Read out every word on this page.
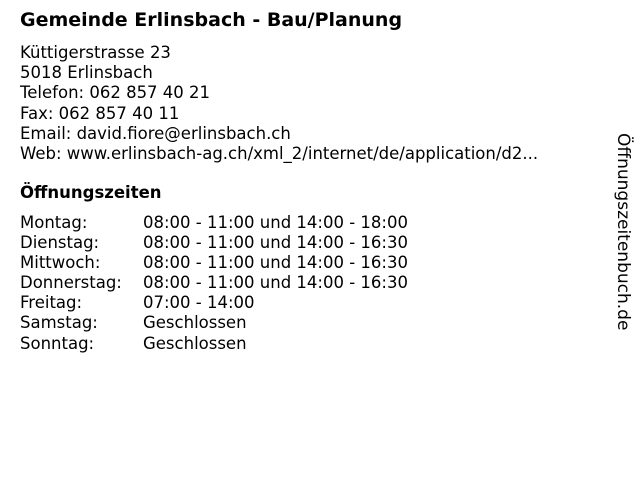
Gemeinde Erlinsbach - Bau/Planung
Küttigerstrasse 23
5018 Erlinsbach
Telefon: 062 857 40 21
Fax: 062 857 40 11
Email: david.fiore@erlinsbach.ch
Web: www.erlinsbach-ag.ch/xml_2/internet/de/application/d2...
Öffnungszeiten
Montag:	08:00 - 11:00 und 14:00 - 18:00
Dienstag:	08:00 - 11:00 und 14:00 - 16:30
Mittwoch:	08:00 - 11:00 und 14:00 - 16:30
Donnerstag:	08:00 - 11:00 und 14:00 - 16:30
Freitag:	07:00 - 14:00
Samstag:	Geschlossen
Sonntag:	Geschlossen
Öffnungszeitenbuch.de
